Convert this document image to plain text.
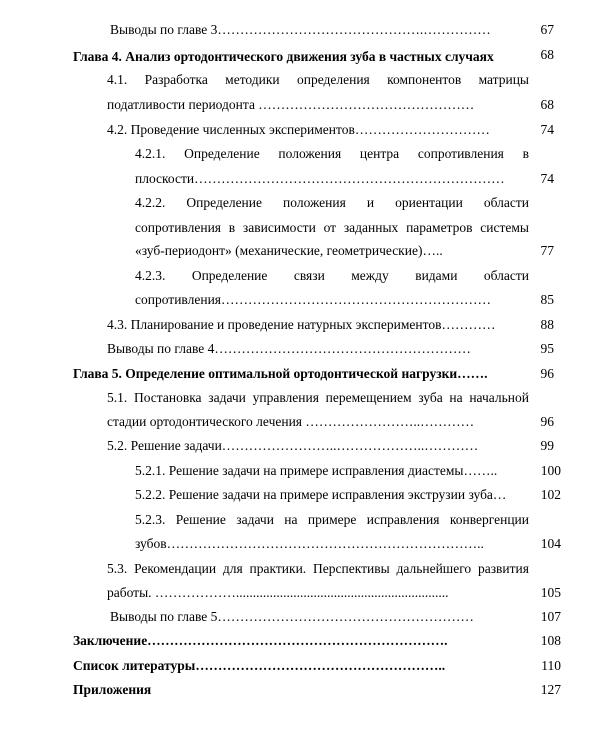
Выводы по главе 3……………………………………….……………	67
Глава 4. Анализ ортодонтического движения зуба в частных случаях	68
4.1. Разработка методики определения компонентов матрицы
податливости периодонта …………………………………………	68
4.2. Проведение численных экспериментов…………………………	74
4.2.1. Определение положения центра сопротивления в
плоскости……………………………………………………………	74
4.2.2. Определение положения и ориентации области
сопротивления в зависимости от заданных параметров системы
«зуб-периодонт» (механические, геометрические)…..	77
4.2.3. Определение связи между видами области
сопротивления……………………………………………………	85
4.3. Планирование и проведение натурных экспериментов…………	88
Выводы по главе 4…………………………………………………	95
Глава 5. Определение оптимальной ортодонтической нагрузки…….	96
5.1. Постановка задачи управления перемещением зуба на начальной
стадии ортодонтического лечения ……………………..…………	96
5.2. Решение задачи……………………..………………..…………	99
5.2.1. Решение задачи на примере исправления диастемы……..	100
5.2.2. Решение задачи на примере исправления экструзии зуба…	102
5.2.3. Решение задачи на примере исправления конвергенции
зубов……………………………………………………………..	104
5.3. Рекомендации для практики. Перспективы дальнейшего развития
работы. ………………...............................................................	105
Выводы по главе 5…………………………………………………	107
Заключение………………………………………………………….	108
Список литературы………………………………………………..	110
Приложения	127
